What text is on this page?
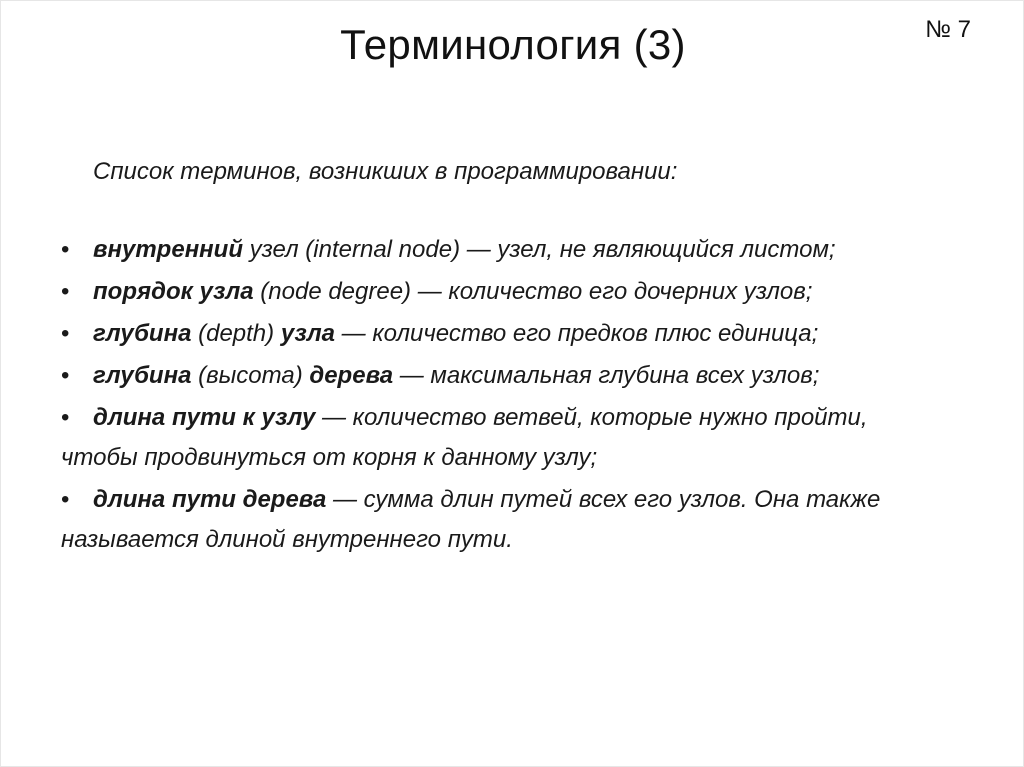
Терминология (3)	№ 7
Список терминов, возникших в программировании:
• внутренний узел (internal node) — узел, не являющийся листом;
• порядок узла (node degree) — количество его дочерних узлов;
• глубина (depth) узла — количество его предков плюс единица;
• глубина (высота) дерева — максимальная глубина всех узлов;
• длина пути к узлу — количество ветвей, которые нужно пройти,
чтобы продвинуться от корня к данному узлу;
• длина пути дерева — сумма длин путей всех его узлов. Она также
называется длиной внутреннего пути.
